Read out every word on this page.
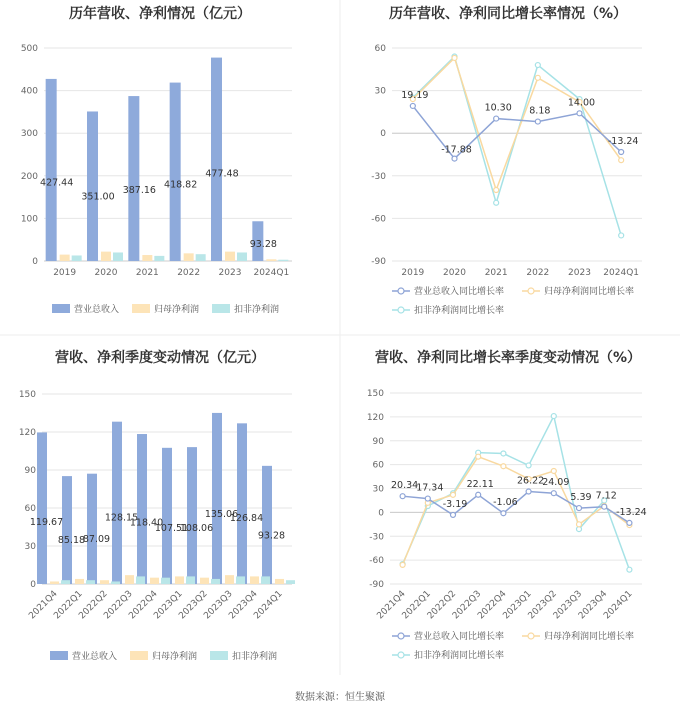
数据来源：恒生聚源
历年营收、净利情况（亿元）
0
100
200
300
400
500
2019 2020 2021 2022 2023 2024Q1
427.44
351.00
387.16
418.82
477.48
93.28
营业总收入	归母净利润	扣非净利润
历年营收、净利同比增长率情况（%）
-90
-60
-30
0
30
60
2019 2020 2021 2022 2023 2024Q1
19.19
-17.88
10.30 8.18
14.00
-13.24
营业总收入同比增长率	归母净利润同比增长率
扣非净利润同比增长率
营收、净利季度变动情况（亿元）
0
30
60
90
120
150
2021Q4
2022Q1
2022Q2
2022Q3
2022Q4
2023Q1
2023Q2
2023Q3
2023Q4
2024Q1
119.67
85.18
87.09
128.15
118.40
107.51
108.06
135.06
126.84
93.28
营业总收入	归母净利润	扣非净利润
营收、净利同比增长率季度变动情况（%）
-90
-60
-30
0
30
60
90
120
150
2021Q4
2022Q1
2022Q2
2022Q3
2022Q4
2023Q1
2023Q2
2023Q3
2023Q4
2024Q1
20.34
17.34
-3.19
22.11
-1.06
26.22
24.09
5.39 7.12
-13.24
营业总收入同比增长率	归母净利润同比增长率
扣非净利润同比增长率
